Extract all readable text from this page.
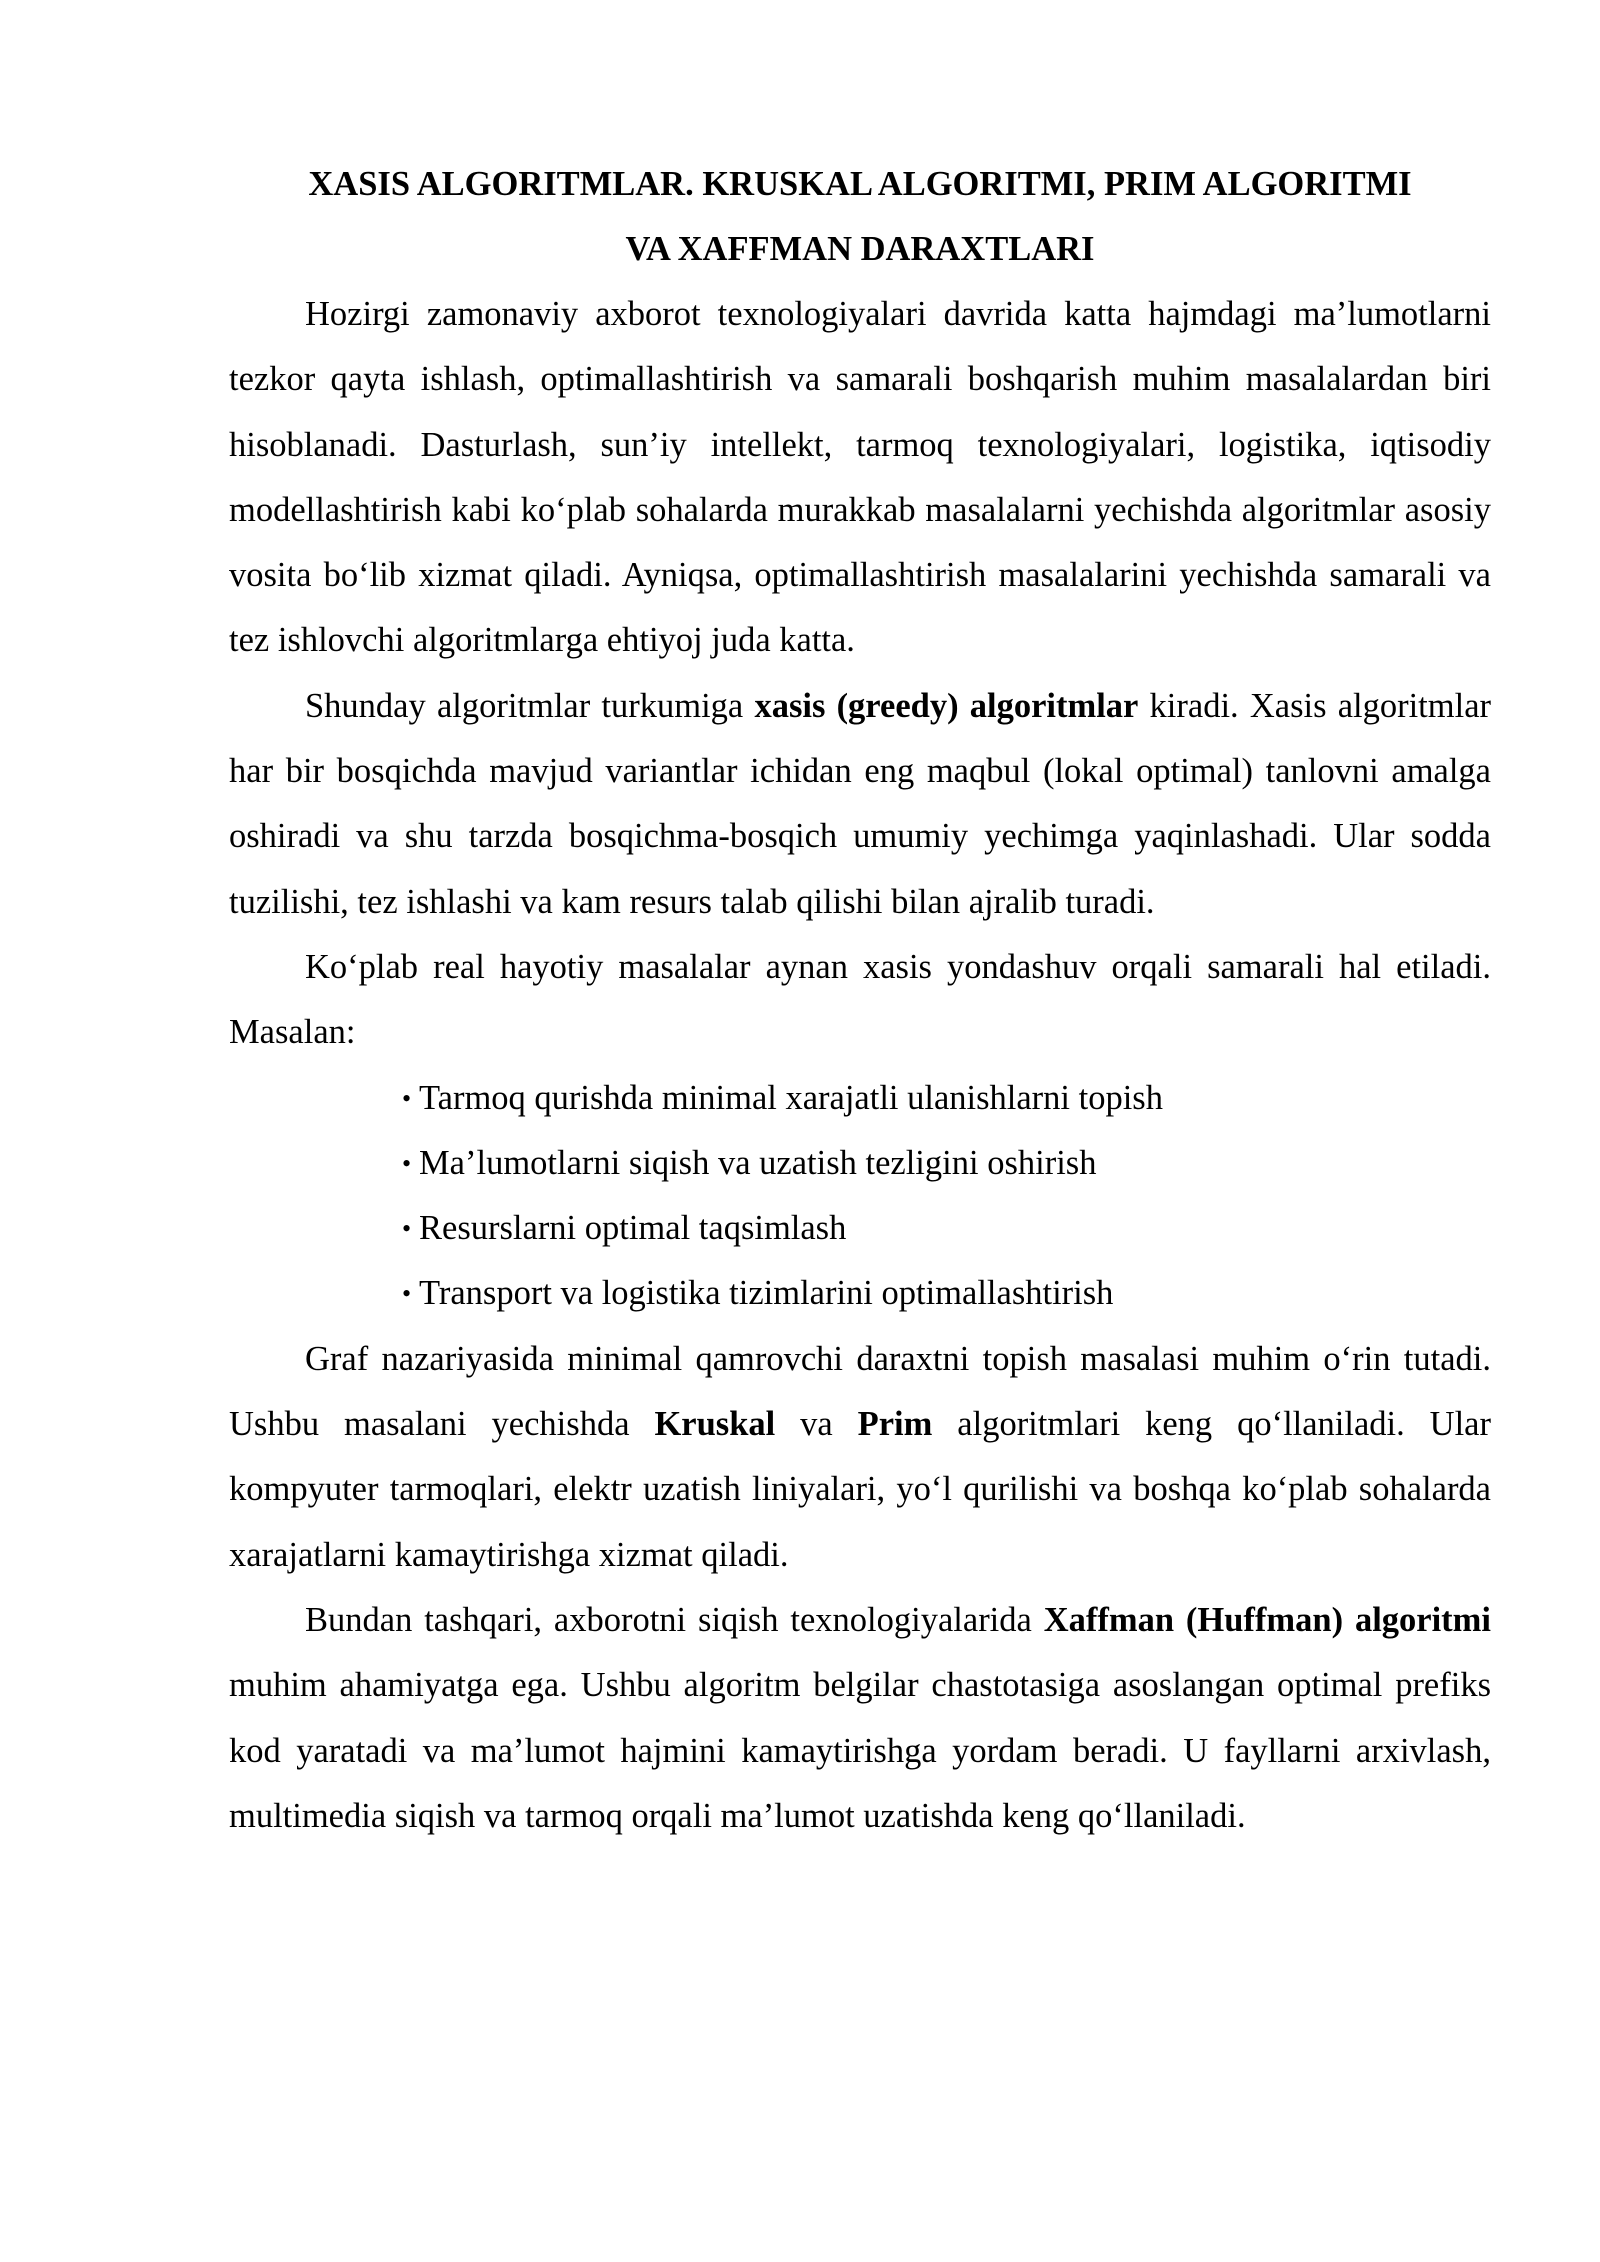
XASIS ALGORITMLAR. KRUSKAL ALGORITMI, PRIM ALGORITMI
VA XAFFMAN DARAXTLARI

Hozirgi zamonaviy axborot texnologiyalari davrida katta hajmdagi ma’lumotlarni tezkor qayta ishlash, optimallashtirish va samarali boshqarish muhim masalalardan biri hisoblanadi. Dasturlash, sun’iy intellekt, tarmoq texnologiyalari, logistika, iqtisodiy modellashtirish kabi ko‘plab sohalarda murakkab masalalarni yechishda algoritmlar asosiy vosita bo‘lib xizmat qiladi. Ayniqsa, optimallashtirish masalalarini yechishda samarali va tez ishlovchi algoritmlarga ehtiyoj juda katta.

Shunday algoritmlar turkumiga xasis (greedy) algoritmlar kiradi. Xasis algoritmlar har bir bosqichda mavjud variantlar ichidan eng maqbul (lokal optimal) tanlovni amalga oshiradi va shu tarzda bosqichma-bosqich umumiy yechimga yaqinlashadi. Ular sodda tuzilishi, tez ishlashi va kam resurs talab qilishi bilan ajralib turadi.

Ko‘plab real hayotiy masalalar aynan xasis yondashuv orqali samarali hal etiladi. Masalan:

• Tarmoq qurishda minimal xarajatli ulanishlarni topish
• Ma’lumotlarni siqish va uzatish tezligini oshirish
• Resurslarni optimal taqsimlash
• Transport va logistika tizimlarini optimallashtirish

Graf nazariyasida minimal qamrovchi daraxtni topish masalasi muhim o‘rin tutadi. Ushbu masalani yechishda Kruskal va Prim algoritmlari keng qo‘llaniladi. Ular kompyuter tarmoqlari, elektr uzatish liniyalari, yo‘l qurilishi va boshqa ko‘plab sohalarda xarajatlarni kamaytirishga xizmat qiladi.

Bundan tashqari, axborotni siqish texnologiyalarida Xaffman (Huffman) algoritmi muhim ahamiyatga ega. Ushbu algoritm belgilar chastotasiga asoslangan optimal prefiks kod yaratadi va ma’lumot hajmini kamaytirishga yordam beradi. U fayllarni arxivlash, multimedia siqish va tarmoq orqali ma’lumot uzatishda keng qo‘llaniladi.
